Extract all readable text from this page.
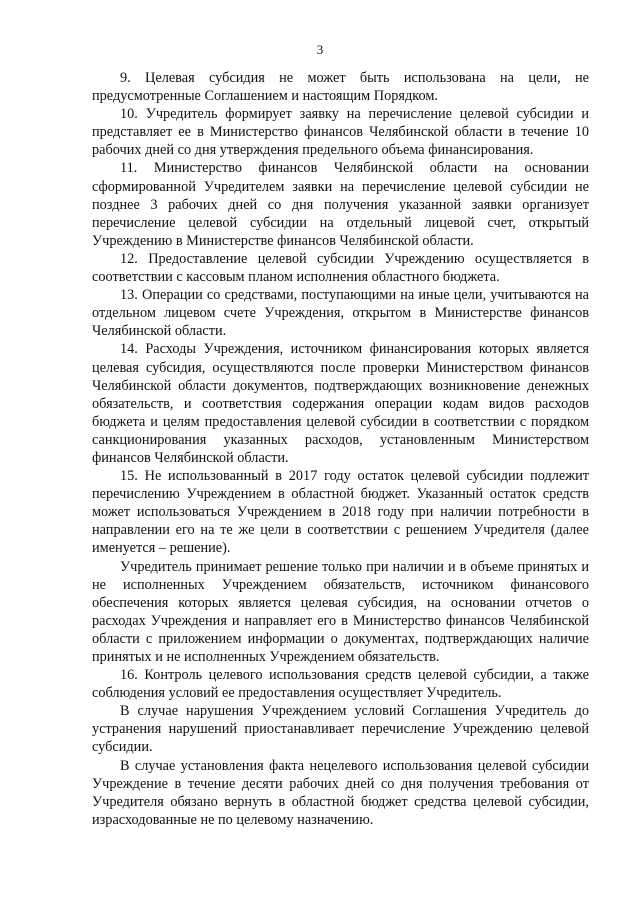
3

9. Целевая субсидия не может быть использована на цели, не предусмотренные Соглашением и настоящим Порядком.

10. Учредитель формирует заявку на перечисление целевой субсидии и представляет ее в Министерство финансов Челябинской области в течение 10 рабочих дней со дня утверждения предельного объема финансирования.

11. Министерство финансов Челябинской области на основании сформированной Учредителем заявки на перечисление целевой субсидии не позднее 3 рабочих дней со дня получения указанной заявки организует перечисление целевой субсидии на отдельный лицевой счет, открытый Учреждению в Министерстве финансов Челябинской области.

12. Предоставление целевой субсидии Учреждению осуществляется в соответствии с кассовым планом исполнения областного бюджета.

13. Операции со средствами, поступающими на иные цели, учитываются на отдельном лицевом счете Учреждения, открытом в Министерстве финансов Челябинской области.

14. Расходы Учреждения, источником финансирования которых является целевая субсидия, осуществляются после проверки Министерством финансов Челябинской области документов, подтверждающих возникновение денежных обязательств, и соответствия содержания операции кодам видов расходов бюджета и целям предоставления целевой субсидии в соответствии с порядком санкционирования указанных расходов, установленным Министерством финансов Челябинской области.

15. Не использованный в 2017 году остаток целевой субсидии подлежит перечислению Учреждением в областной бюджет. Указанный остаток средств может использоваться Учреждением в 2018 году при наличии потребности в направлении его на те же цели в соответствии с решением Учредителя (далее именуется – решение).

Учредитель принимает решение только при наличии и в объеме принятых и не исполненных Учреждением обязательств, источником финансового обеспечения которых является целевая субсидия, на основании отчетов о расходах Учреждения и направляет его в Министерство финансов Челябинской области с приложением информации о документах, подтверждающих наличие принятых и не исполненных Учреждением обязательств.

16. Контроль целевого использования средств целевой субсидии, а также соблюдения условий ее предоставления осуществляет Учредитель.

В случае нарушения Учреждением условий Соглашения Учредитель до устранения нарушений приостанавливает перечисление Учреждению целевой субсидии.

В случае установления факта нецелевого использования целевой субсидии Учреждение в течение десяти рабочих дней со дня получения требования от Учредителя обязано вернуть в областной бюджет средства целевой субсидии, израсходованные не по целевому назначению.
